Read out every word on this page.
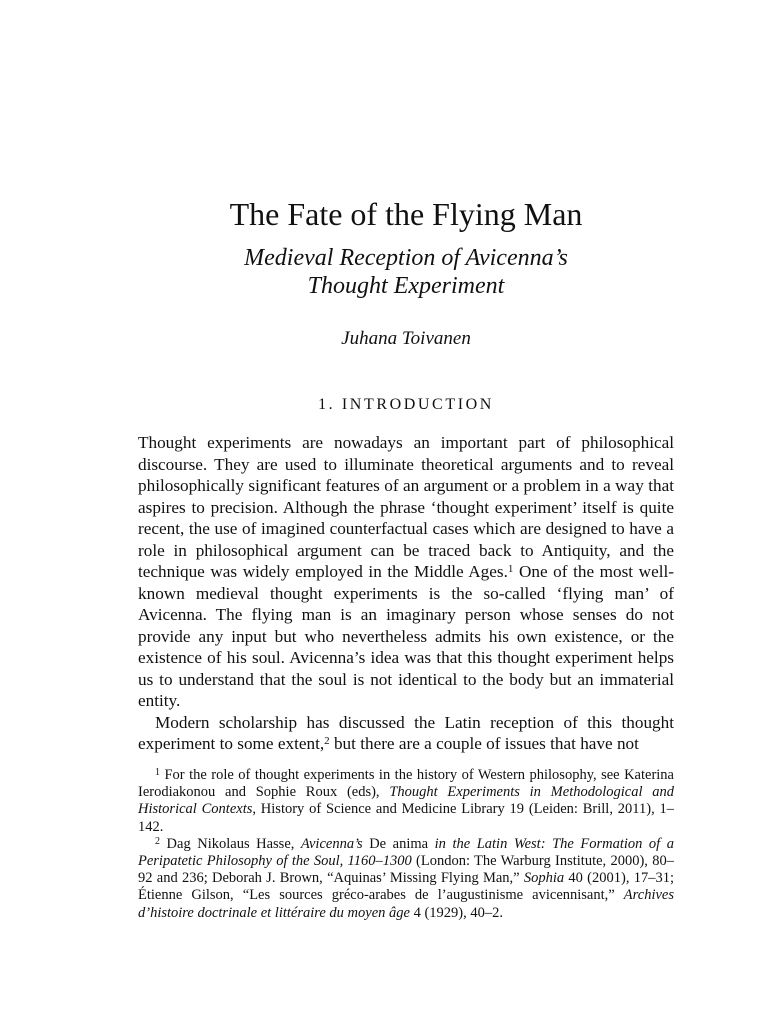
The Fate of the Flying Man
Medieval Reception of Avicenna’s
Thought Experiment
Juhana Toivanen
1. INTRODUCTION

Thought experiments are nowadays an important part of philosophical discourse. They are used to illuminate theoretical arguments and to reveal philosophically significant features of an argument or a problem in a way that aspires to precision. Although the phrase ‘thought experiment’ itself is quite recent, the use of imagined counterfactual cases which are designed to have a role in philosophical argument can be traced back to Antiquity, and the technique was widely employed in the Middle Ages.$^1$ One of the most well-known medieval thought experiments is the so-called ‘flying man’ of Avicenna. The flying man is an imaginary person whose senses do not provide any input but who nevertheless admits his own existence, or the existence of his soul. Avicenna’s idea was that this thought experiment helps us to understand that the soul is not identical to the body but an immaterial entity.

Modern scholarship has discussed the Latin reception of this thought experiment to some extent,$^2$ but there are a couple of issues that have not

$^1$ For the role of thought experiments in the history of Western philosophy, see Katerina Ierodiakonou and Sophie Roux (eds), Thought Experiments in Methodological and Historical Contexts, History of Science and Medicine Library 19 (Leiden: Brill, 2011), 1–142.

$^2$ Dag Nikolaus Hasse, Avicenna’s De anima in the Latin West: The Formation of a Peripatetic Philosophy of the Soul, 1160–1300 (London: The Warburg Institute, 2000), 80–92 and 236; Deborah J. Brown, “Aquinas’ Missing Flying Man,” Sophia 40 (2001), 17–31; Étienne Gilson, “Les sources gréco-arabes de l’augustinisme avicennisant,” Archives d’histoire doctrinale et littéraire du moyen âge 4 (1929), 40–2.
